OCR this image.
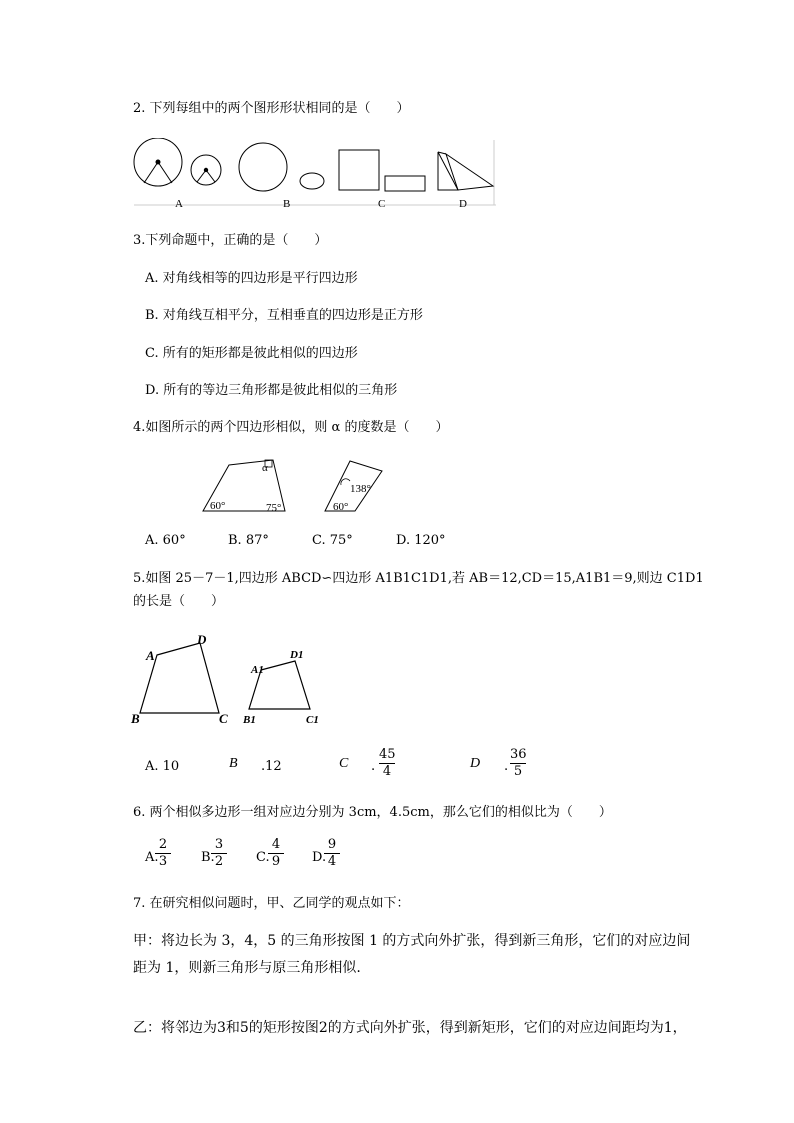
2. 下列每组中的两个图形形状相同的是（　　）
A	B	C	D
3.下列命题中，正确的是（　　）
A. 对角线相等的四边形是平行四边形
B. 对角线互相平分，互相垂直的四边形是正方形
C. 所有的矩形都是彼此相似的四边形
D. 所有的等边三角形都是彼此相似的三角形
4.如图所示的两个四边形相似，则 α 的度数是（　　）
α
60°	75°
138°
60°
A. 60°	B. 87°	C. 75°	D. 120°
5.如图 25－7－1,四边形 ABCD∽四边形 A1B1C1D1,若 AB＝12,CD＝15,A1B1＝9,则边 C1D1
的长是（　　）
A
D
B	C
A1
D1
B1	C1
A. 10	B .12	C .
45
4
D .
36
5
6. 两个相似多边形一组对应边分别为 3cm，4.5cm，那么它们的相似比为（　　）
A.
2
3	B.
3
2	C.
4
9 D.
9
4
7. 在研究相似问题时，甲、乙同学的观点如下：
甲：将边长为 3，4，5 的三角形按图 1 的方式向外扩张，得到新三角形，它们的对应边间
距为 1，则新三角形与原三角形相似.
乙：将邻边为3和5的矩形按图2的方式向外扩张，得到新矩形，它们的对应边间距均为1，
